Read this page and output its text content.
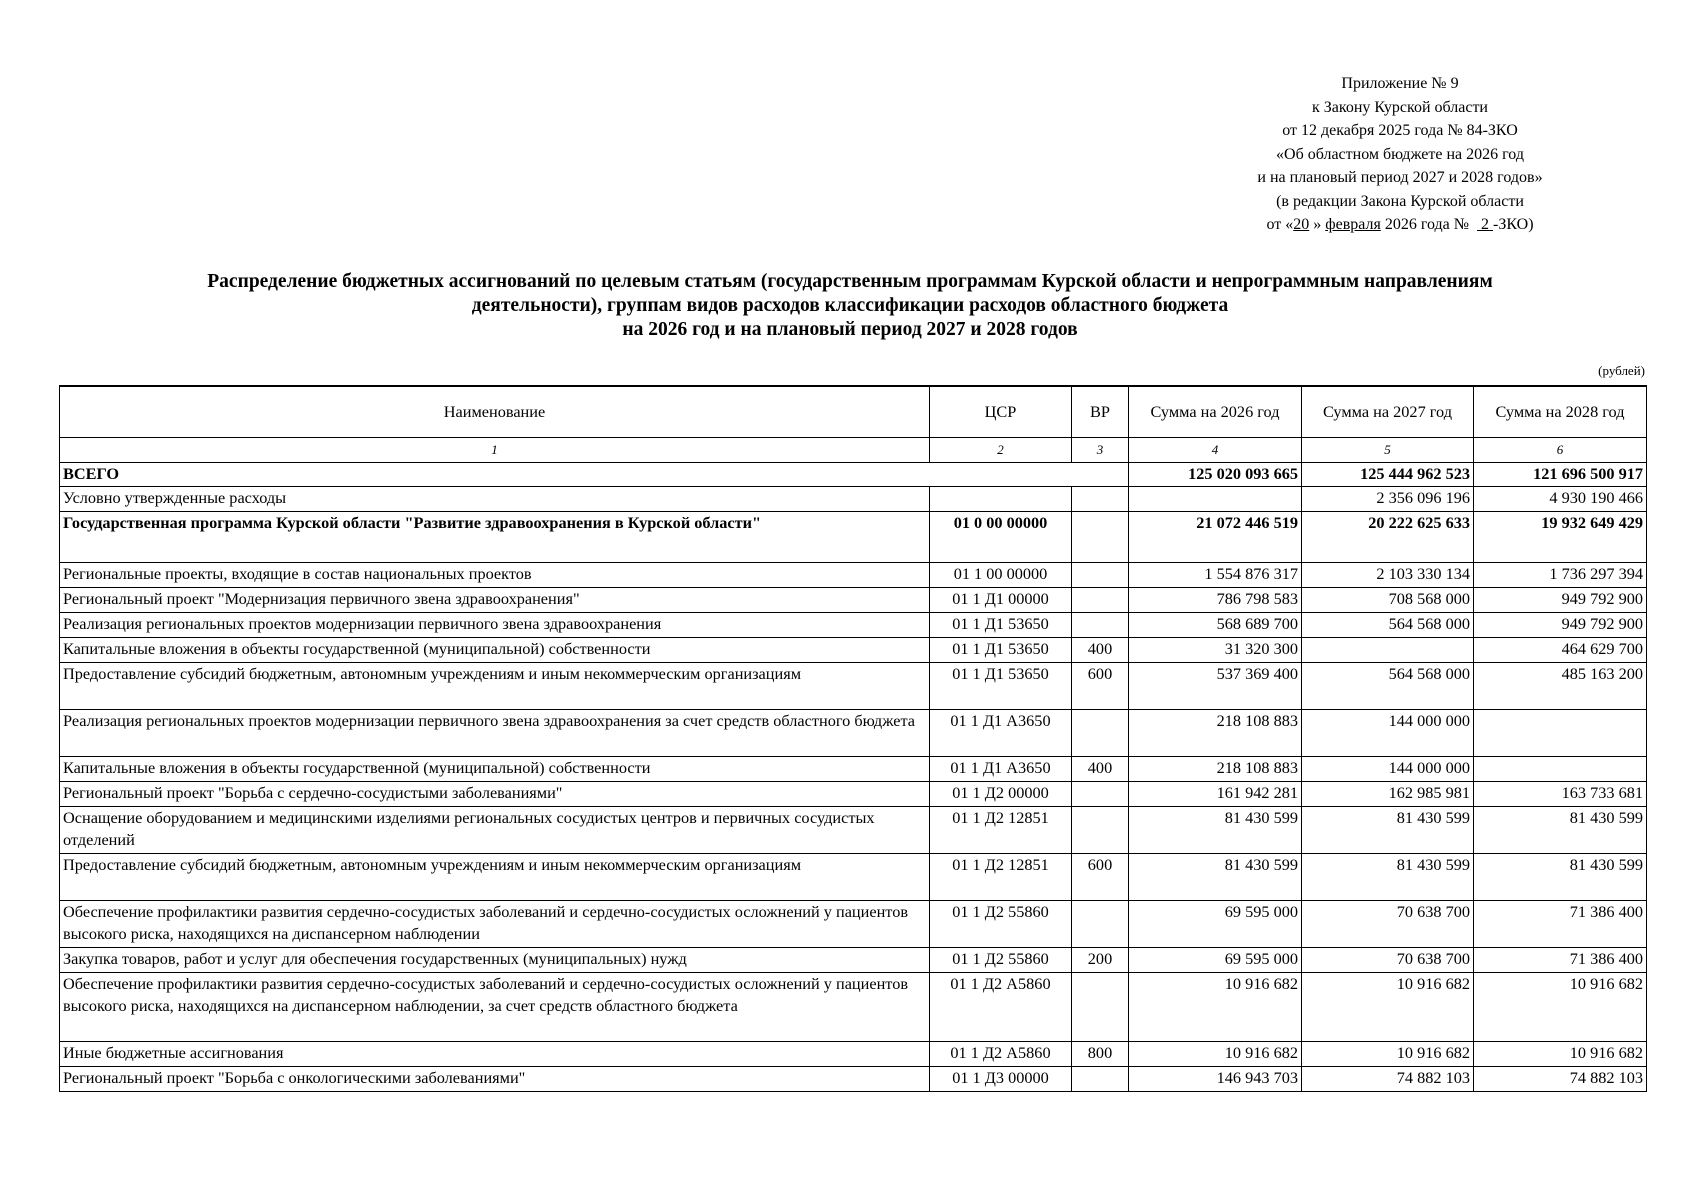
Приложение № 9
к Закону Курской области
от 12 декабря 2025 года № 84-ЗКО
«Об областном бюджете на 2026 год
и на плановый период 2027 и 2028 годов»
(в редакции Закона Курской области
от «20 » февраля 2026 года № 2 -ЗКО)
Распределение бюджетных ассигнований по целевым статьям (государственным программам Курской области и непрограммным направлениям
деятельности), группам видов расходов классификации расходов областного бюджета
на 2026 год и на плановый период 2027 и 2028 годов
(рублей)
Наименование	ЦСР	ВР	Сумма на 2026 год	Сумма на 2027 год	Сумма на 2028 год
1	2	3	4	5	6
ВСЕГО			125 020 093 665	125 444 962 523	121 696 500 917
Условно утвержденные расходы				2 356 096 196	4 930 190 466
Государственная программа Курской области "Развитие здравоохранения в Курской области"	01 0 00 00000		21 072 446 519	20 222 625 633	19 932 649 429
Региональные проекты, входящие в состав национальных проектов	01 1 00 00000		1 554 876 317	2 103 330 134	1 736 297 394
Региональный проект "Модернизация первичного звена здравоохранения"	01 1 Д1 00000		786 798 583	708 568 000	949 792 900
Реализация региональных проектов модернизации первичного звена здравоохранения	01 1 Д1 53650		568 689 700	564 568 000	949 792 900
Капитальные вложения в объекты государственной (муниципальной) собственности	01 1 Д1 53650	400	31 320 300		464 629 700
Предоставление субсидий бюджетным, автономным учреждениям и иным некоммерческим организациям	01 1 Д1 53650	600	537 369 400	564 568 000	485 163 200
Реализация региональных проектов модернизации первичного звена здравоохранения за счет средств областного бюджета	01 1 Д1 А3650		218 108 883	144 000 000	
Капитальные вложения в объекты государственной (муниципальной) собственности	01 1 Д1 А3650	400	218 108 883	144 000 000	
Региональный проект "Борьба с сердечно-сосудистыми заболеваниями"	01 1 Д2 00000		161 942 281	162 985 981	163 733 681
Оснащение оборудованием и медицинскими изделиями региональных сосудистых центров и первичных сосудистых отделений	01 1 Д2 12851		81 430 599	81 430 599	81 430 599
Предоставление субсидий бюджетным, автономным учреждениям и иным некоммерческим организациям	01 1 Д2 12851	600	81 430 599	81 430 599	81 430 599
Обеспечение профилактики развития сердечно-сосудистых заболеваний и сердечно-сосудистых осложнений у пациентов высокого риска, находящихся на диспансерном наблюдении	01 1 Д2 55860		69 595 000	70 638 700	71 386 400
Закупка товаров, работ и услуг для обеспечения государственных (муниципальных) нужд	01 1 Д2 55860	200	69 595 000	70 638 700	71 386 400
Обеспечение профилактики развития сердечно-сосудистых заболеваний и сердечно-сосудистых осложнений у пациентов высокого риска, находящихся на диспансерном наблюдении, за счет средств областного бюджета	01 1 Д2 А5860		10 916 682	10 916 682	10 916 682
Иные бюджетные ассигнования	01 1 Д2 А5860	800	10 916 682	10 916 682	10 916 682
Региональный проект "Борьба с онкологическими заболеваниями"	01 1 Д3 00000		146 943 703	74 882 103	74 882 103
